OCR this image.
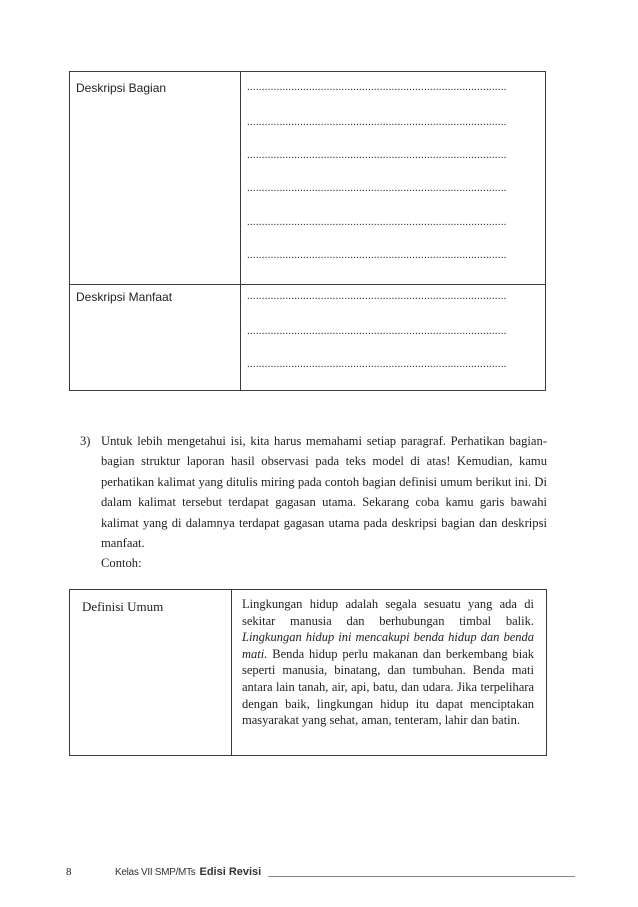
Deskripsi Bagian	........................................................................................
........................................................................................
........................................................................................
........................................................................................
........................................................................................
........................................................................................
Deskripsi Manfaat	........................................................................................
........................................................................................
........................................................................................
3) Untuk lebih mengetahui isi, kita harus memahami setiap paragraf. Perhatikan bagian-bagian struktur laporan hasil observasi pada teks model di atas! Kemudian, kamu perhatikan kalimat yang ditulis miring pada contoh bagian definisi umum berikut ini. Di dalam kalimat tersebut terdapat gagasan utama. Sekarang coba kamu garis bawahi kalimat yang di dalamnya terdapat gagasan utama pada deskripsi bagian dan deskripsi manfaat.
Contoh:
Definisi Umum	Lingkungan hidup adalah segala sesuatu yang ada di sekitar manusia dan berhubungan timbal balik. Lingkungan hidup ini mencakupi benda hidup dan benda mati. Benda hidup perlu makanan dan berkembang biak seperti manusia, binatang, dan tumbuhan. Benda mati antara lain tanah, air, api, batu, dan udara. Jika terpelihara dengan baik, lingkungan hidup itu dapat menciptakan masyarakat yang sehat, aman, tenteram, lahir dan batin.
8	Kelas VII SMP/MTs Edisi Revisi
